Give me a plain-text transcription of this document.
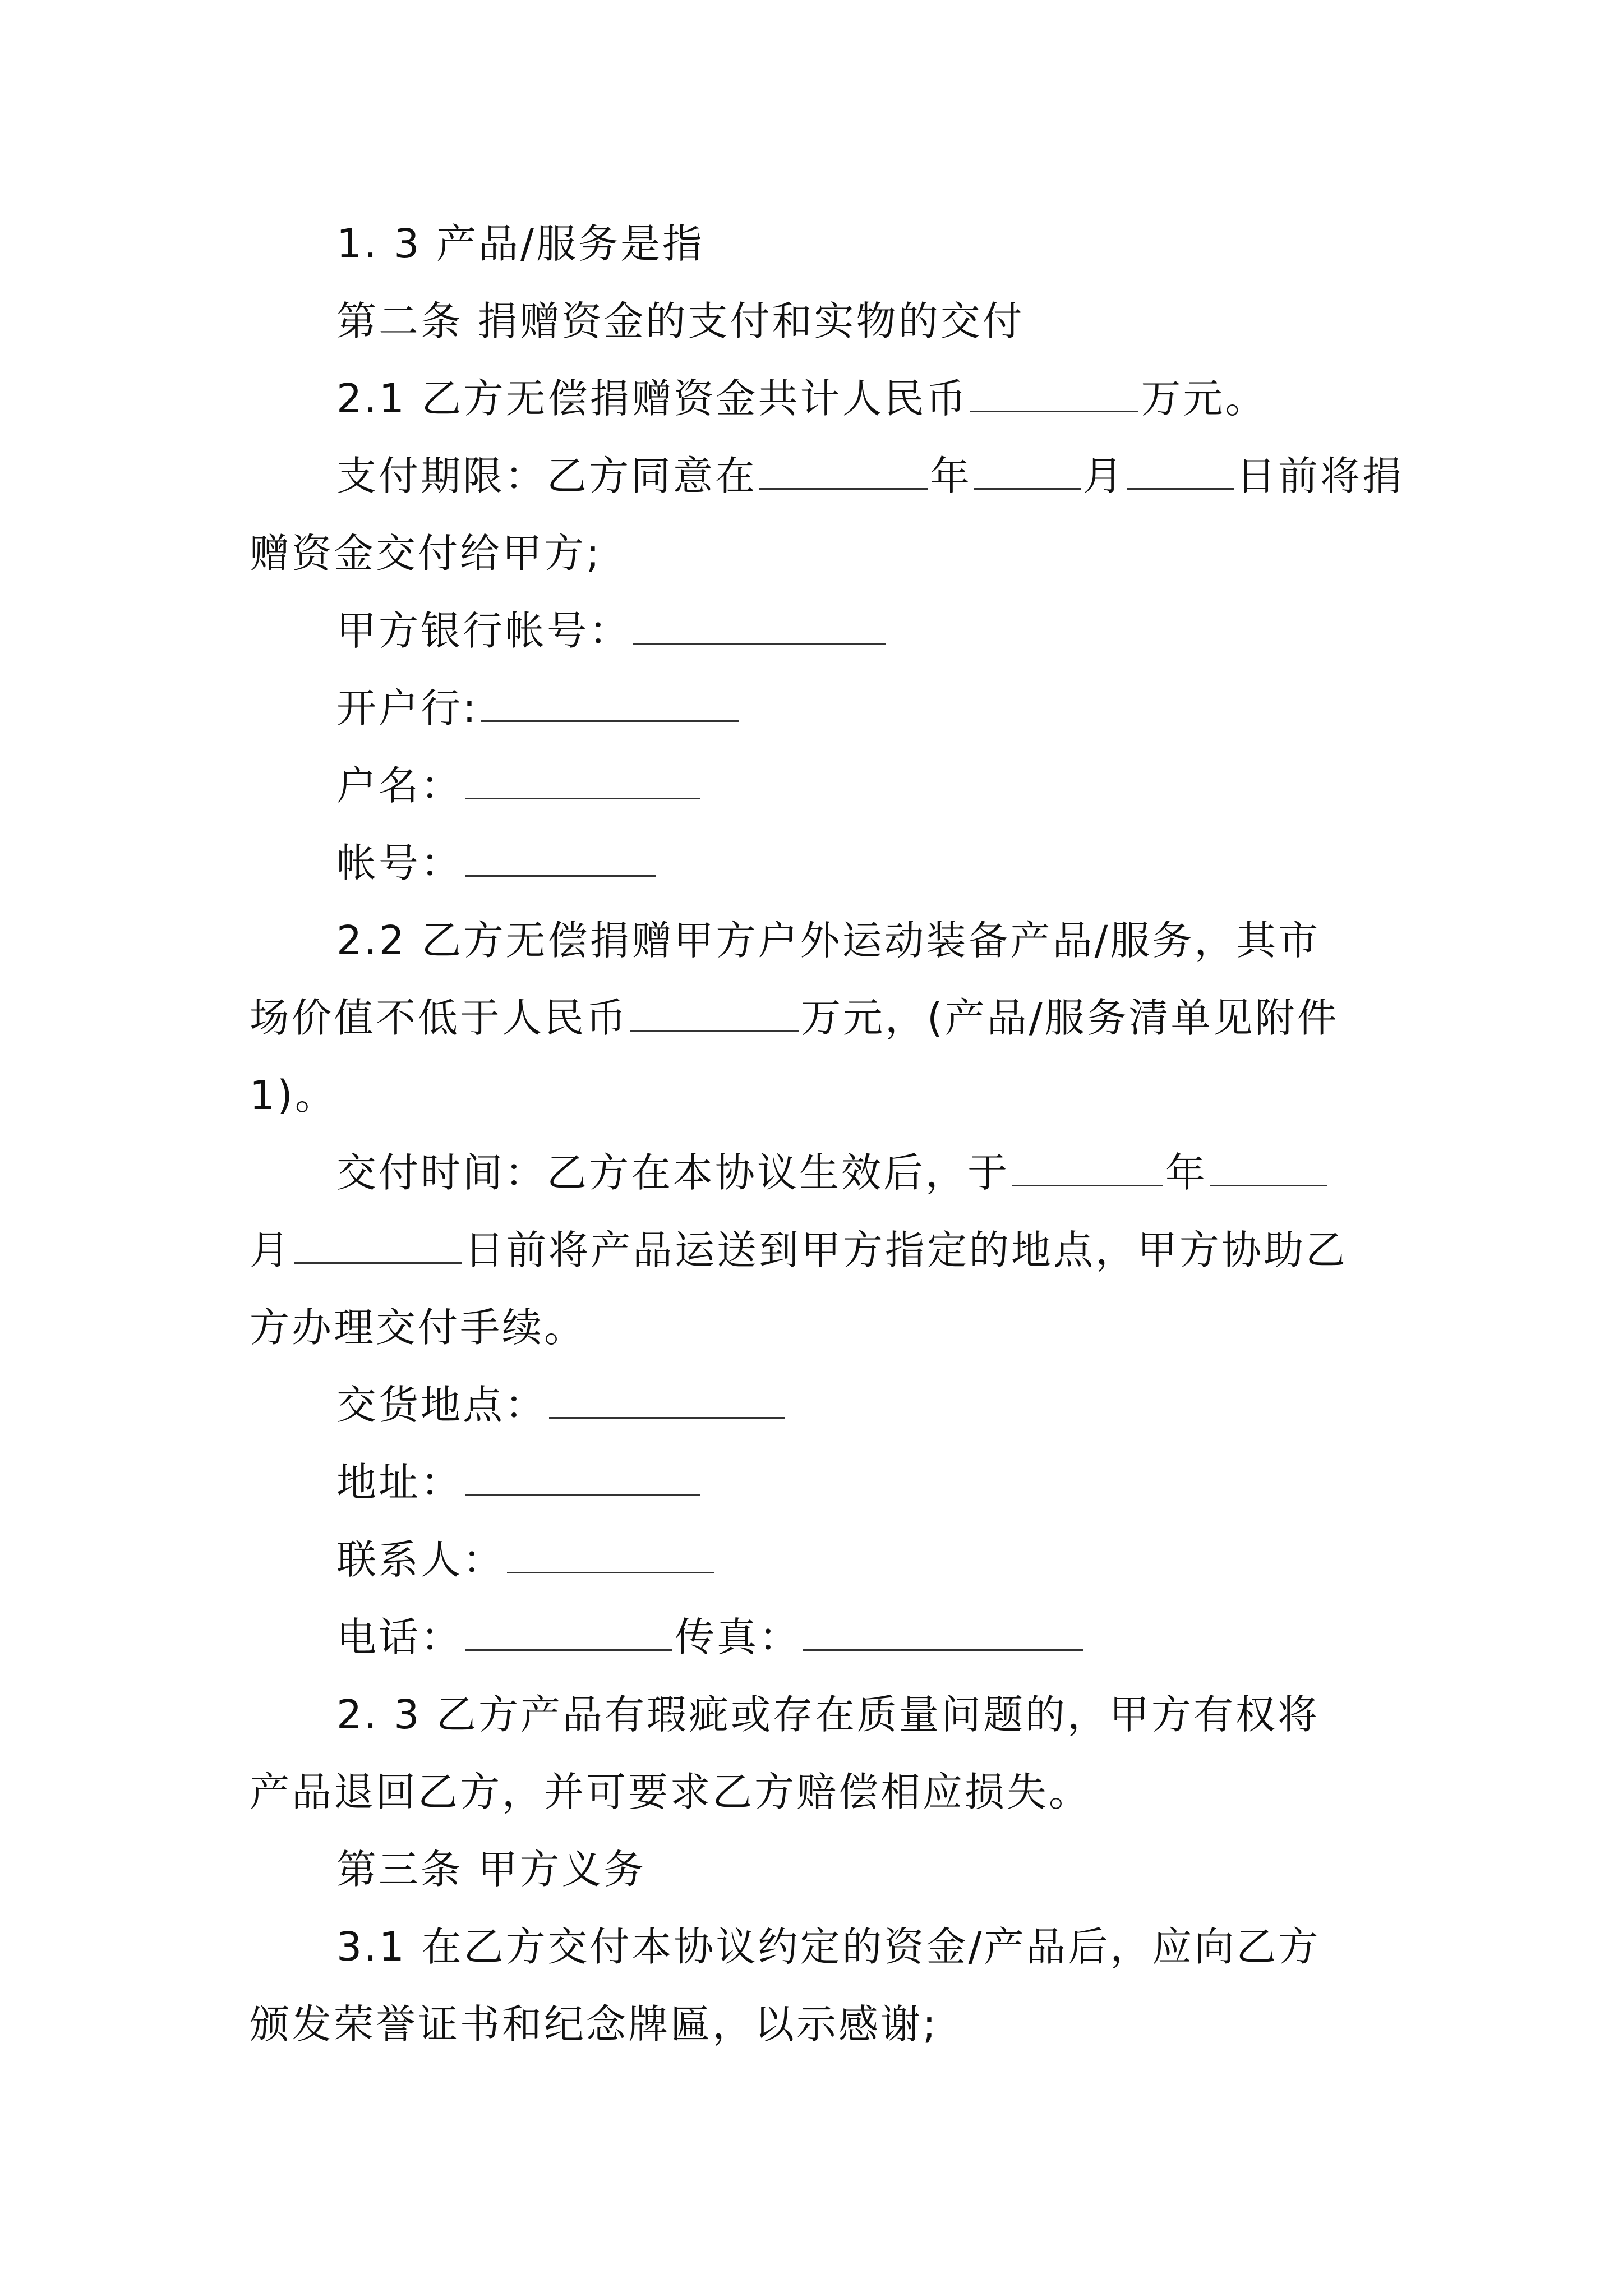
1. 3 产品/服务是指
第二条 捐赠资金的支付和实物的交付
2.1 乙方无偿捐赠资金共计人民币	万元。
支付期限：乙方同意在	年	月	日前将捐
赠资金交付给甲方;
甲方银行帐号：
开户行:
户名：
帐号：
2.2 乙方无偿捐赠甲方户外运动装备产品/服务，其市
场价值不低于人民币	万元，(产品/服务清单见附件
1)。
交付时间：乙方在本协议生效后，于	年
月	日前将产品运送到甲方指定的地点，甲方协助乙
方办理交付手续。
交货地点：
地址：
联系人：
电话：	传真：
2. 3 乙方产品有瑕疵或存在质量问题的，甲方有权将
产品退回乙方，并可要求乙方赔偿相应损失。
第三条 甲方义务
3.1 在乙方交付本协议约定的资金/产品后，应向乙方
颁发荣誉证书和纪念牌匾，以示感谢;
